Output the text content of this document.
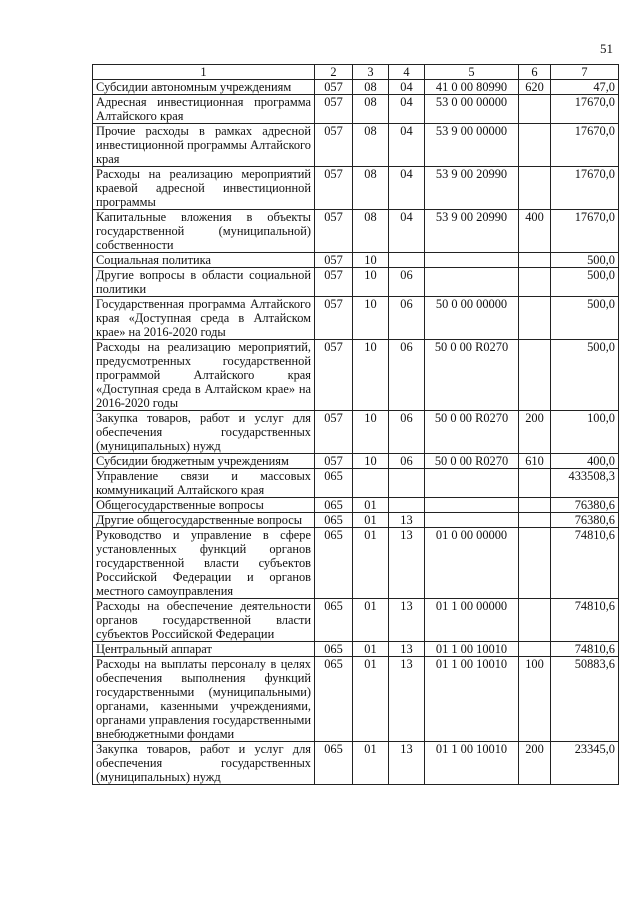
51
1	2	3	4	5	6	7
Субсидии автономным учреждениям	057	08	04	41 0 00 80990	620	47,0
Адресная инвестиционная программа Алтайского края	057	08	04	53 0 00 00000		17670,0
Прочие расходы в рамках адресной инвестиционной программы Алтайского края	057	08	04	53 9 00 00000		17670,0
Расходы на реализацию мероприятий краевой адресной инвестиционной программы	057	08	04	53 9 00 20990		17670,0
Капитальные вложения в объекты государственной (муниципальной) собственности	057	08	04	53 9 00 20990	400	17670,0
Социальная политика	057	10				500,0
Другие вопросы в области социальной политики	057	10	06			500,0
Государственная программа Алтайского края «Доступная среда в Алтайском крае» на 2016-2020 годы	057	10	06	50 0 00 00000		500,0
Расходы на реализацию мероприятий, предусмотренных государственной программой Алтайского края «Доступная среда в Алтайском крае» на 2016-2020 годы	057	10	06	50 0 00 R0270		500,0
Закупка товаров, работ и услуг для обеспечения государственных (муниципальных) нужд	057	10	06	50 0 00 R0270	200	100,0
Субсидии бюджетным учреждениям	057	10	06	50 0 00 R0270	610	400,0
Управление связи и массовых коммуникаций Алтайского края	065					433508,3
Общегосударственные вопросы	065	01				76380,6
Другие общегосударственные вопросы	065	01	13			76380,6
Руководство и управление в сфере установленных функций органов государственной власти субъектов Российской Федерации и органов местного самоуправления	065	01	13	01 0 00 00000		74810,6
Расходы на обеспечение деятельности органов государственной власти субъектов Российской Федерации	065	01	13	01 1 00 00000		74810,6
Центральный аппарат	065	01	13	01 1 00 10010		74810,6
Расходы на выплаты персоналу в целях обеспечения выполнения функций государственными (муниципальными) органами, казенными учреждениями, органами управления государственными внебюджетными фондами	065	01	13	01 1 00 10010	100	50883,6
Закупка товаров, работ и услуг для обеспечения государственных (муниципальных) нужд	065	01	13	01 1 00 10010	200	23345,0
